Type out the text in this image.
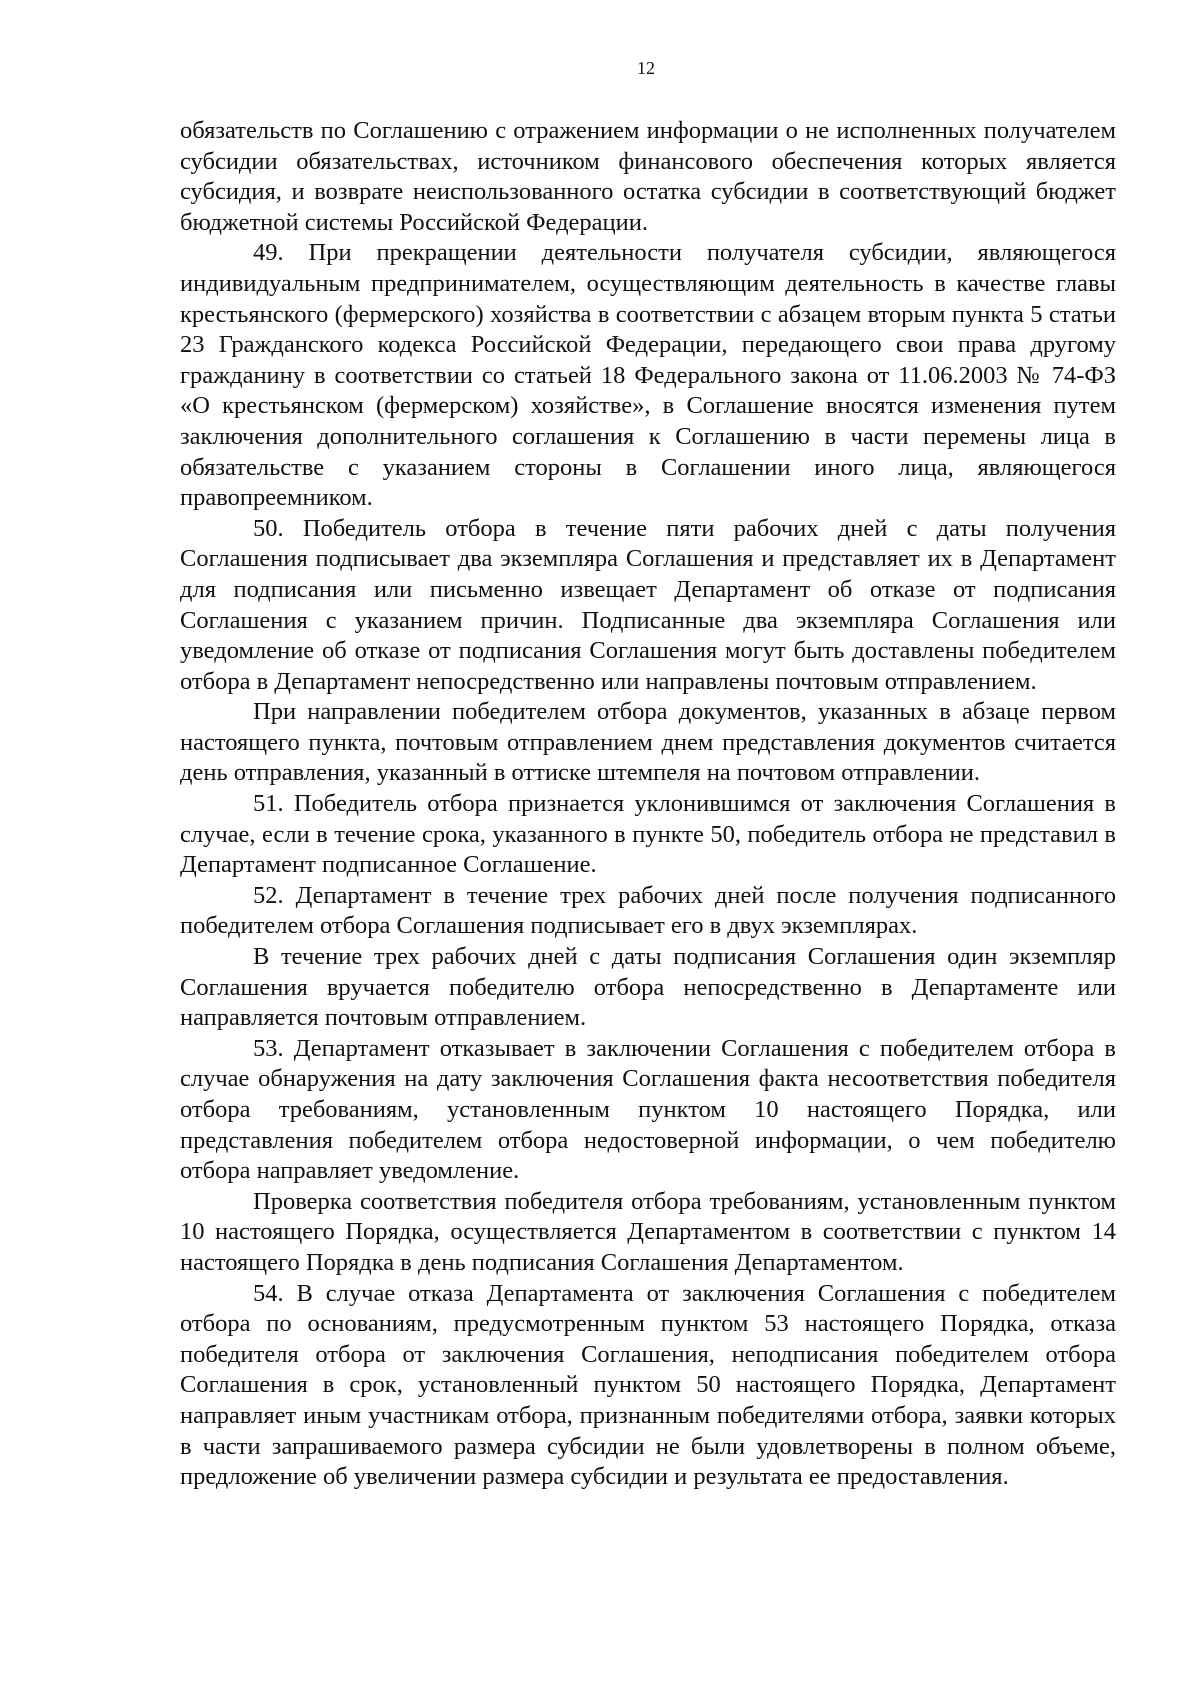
12

обязательств по Соглашению с отражением информации о не исполненных получателем субсидии обязательствах, источником финансового обеспечения которых является субсидия, и возврате неиспользованного остатка субсидии в соответствующий бюджет бюджетной системы Российской Федерации.

49. При прекращении деятельности получателя субсидии, являющегося индивидуальным предпринимателем, осуществляющим деятельность в качестве главы крестьянского (фермерского) хозяйства в соответствии с абзацем вторым пункта 5 статьи 23 Гражданского кодекса Российской Федерации, передающего свои права другому гражданину в соответствии со статьей 18 Федерального закона от 11.06.2003 № 74-ФЗ «О крестьянском (фермерском) хозяйстве», в Соглашение вносятся изменения путем заключения дополнительного соглашения к Соглашению в части перемены лица в обязательстве с указанием стороны в Соглашении иного лица, являющегося правопреемником.

50. Победитель отбора в течение пяти рабочих дней с даты получения Соглашения подписывает два экземпляра Соглашения и представляет их в Департамент для подписания или письменно извещает Департамент об отказе от подписания Соглашения с указанием причин. Подписанные два экземпляра Соглашения или уведомление об отказе от подписания Соглашения могут быть доставлены победителем отбора в Департамент непосредственно или направлены почтовым отправлением.

При направлении победителем отбора документов, указанных в абзаце первом настоящего пункта, почтовым отправлением днем представления документов считается день отправления, указанный в оттиске штемпеля на почтовом отправлении.

51. Победитель отбора признается уклонившимся от заключения Соглашения в случае, если в течение срока, указанного в пункте 50, победитель отбора не представил в Департамент подписанное Соглашение.

52. Департамент в течение трех рабочих дней после получения подписанного победителем отбора Соглашения подписывает его в двух экземплярах.

В течение трех рабочих дней с даты подписания Соглашения один экземпляр Соглашения вручается победителю отбора непосредственно в Департаменте или направляется почтовым отправлением.

53. Департамент отказывает в заключении Соглашения с победителем отбора в случае обнаружения на дату заключения Соглашения факта несоответствия победителя отбора требованиям, установленным пунктом 10 настоящего Порядка, или представления победителем отбора недостоверной информации, о чем победителю отбора направляет уведомление.

Проверка соответствия победителя отбора требованиям, установленным пунктом 10 настоящего Порядка, осуществляется Департаментом в соответствии с пунктом 14 настоящего Порядка в день подписания Соглашения Департаментом.

54. В случае отказа Департамента от заключения Соглашения с победителем отбора по основаниям, предусмотренным пунктом 53 настоящего Порядка, отказа победителя отбора от заключения Соглашения, неподписания победителем отбора Соглашения в срок, установленный пунктом 50 настоящего Порядка, Департамент направляет иным участникам отбора, признанным победителями отбора, заявки которых в части запрашиваемого размера субсидии не были удовлетворены в полном объеме, предложение об увеличении размера субсидии и результата ее предоставления.
